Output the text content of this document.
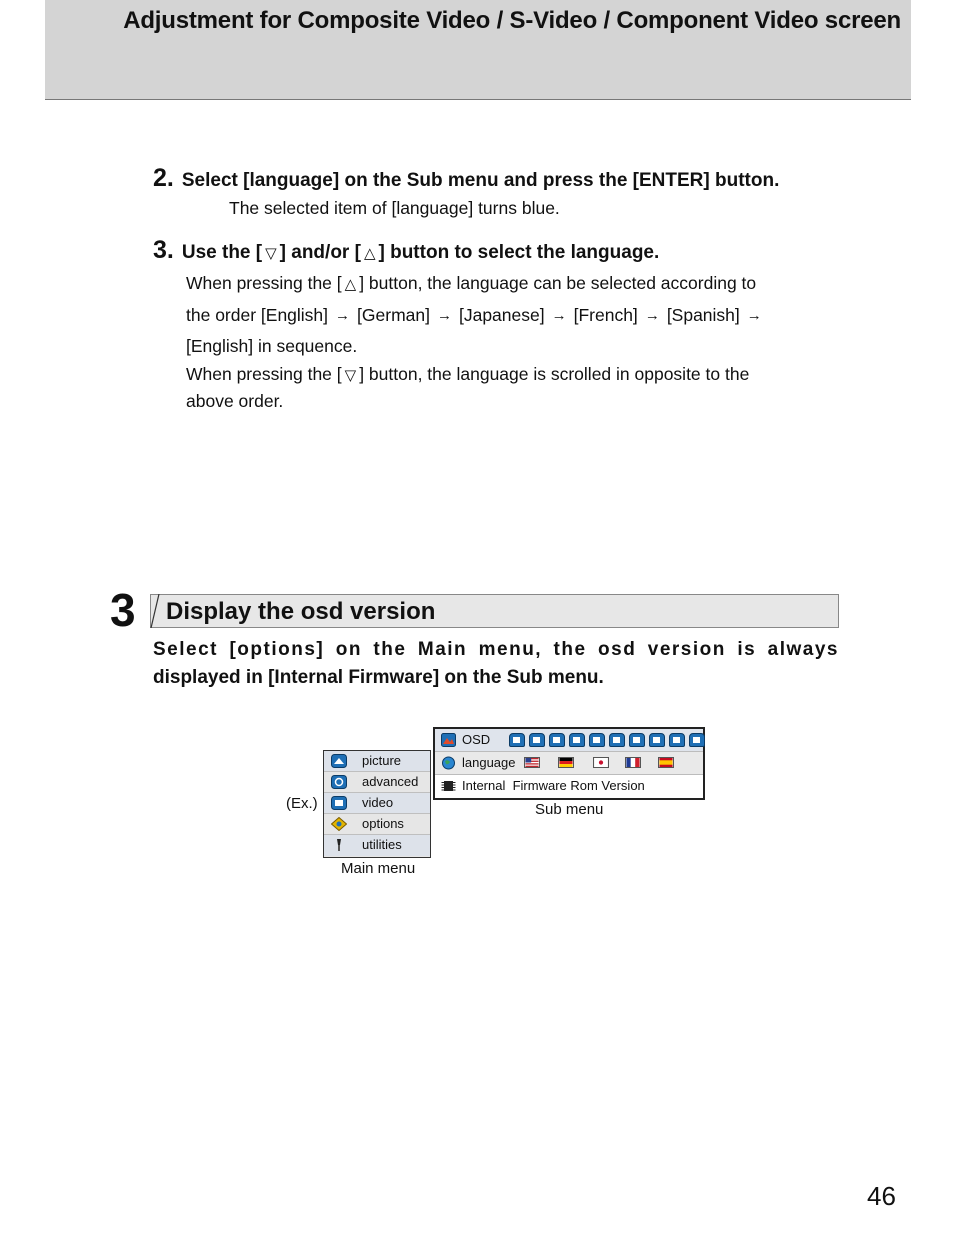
Adjustment for Composite Video / S-Video / Component Video screen
2. Select [language] on the Sub menu and press the [ENTER] button.
The selected item of [language] turns blue.
3. Use the [ ▽ ] and/or [ △ ] button to select the language.
When pressing the [ △ ] button, the language can be selected according to
the order [English] → [German] → [Japanese] → [French] → [Spanish] →
[English] in sequence.
When pressing the [ ▽ ] button, the language is scrolled in opposite to the
above order.
3 Display the osd version
Select [options] on the Main menu, the osd version is always
displayed in [Internal Firmware] on the Sub menu.
(Ex.)
picture
advanced
video
options
utilities
Main menu
OSD
language
Internal  Firmware Rom Version
Sub menu
46
